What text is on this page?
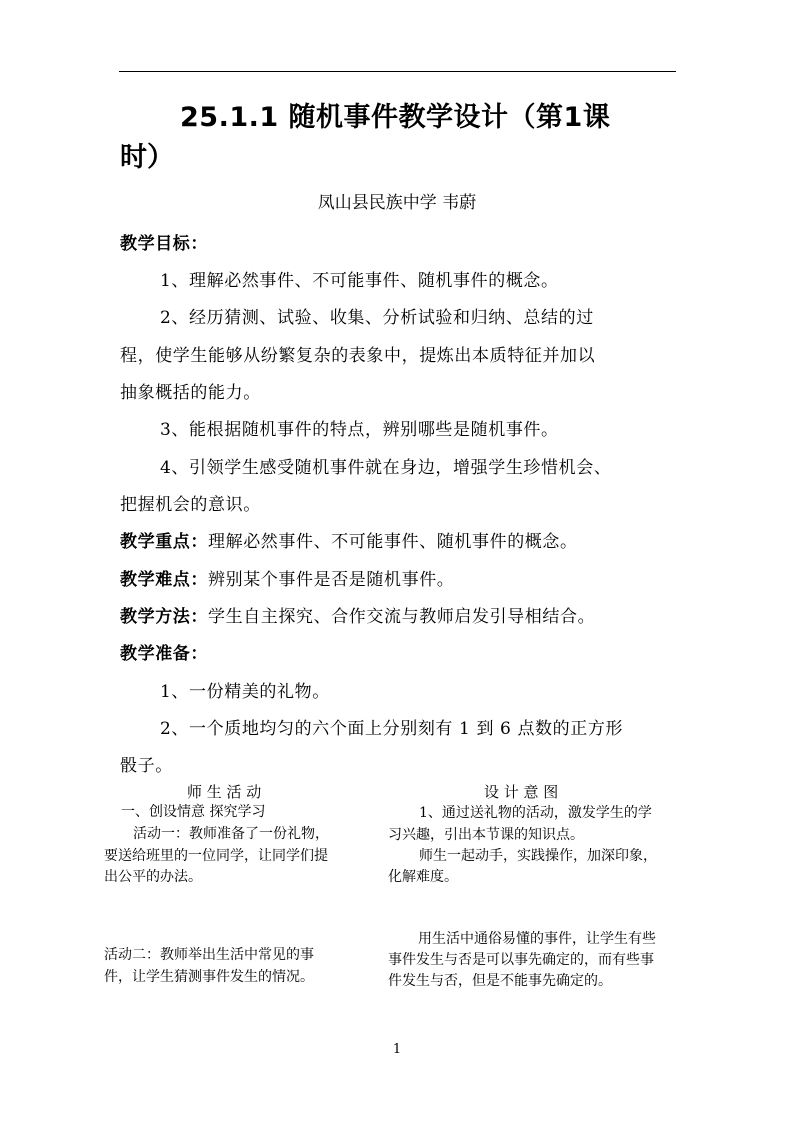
25.1.1 随机事件教学设计（第1课
时）
凤山县民族中学 韦蔚
教学目标：
1、理解必然事件、不可能事件、随机事件的概念。
2、经历猜测、试验、收集、分析试验和归纳、总结的过
程，使学生能够从纷繁复杂的表象中，提炼出本质特征并加以
抽象概括的能力。
3、能根据随机事件的特点，辨别哪些是随机事件。
4、引领学生感受随机事件就在身边，增强学生珍惜机会、
把握机会的意识。
教学重点：理解必然事件、不可能事件、随机事件的概念。
教学难点：辨别某个事件是否是随机事件。
教学方法：学生自主探究、合作交流与教师启发引导相结合。
教学准备：
1、一份精美的礼物。
2、一个质地均匀的六个面上分别刻有 1 到 6 点数的正方形
骰子。
师 生 活 动	设 计 意 图
一、创设情意 探究学习
活动一：教师准备了一份礼物，
要送给班里的一位同学，让同学们提
出公平的办法。
活动二：教师举出生活中常见的事
件，让学生猜测事件发生的情况。
1、通过送礼物的活动，激发学生的学
习兴趣，引出本节课的知识点。
师生一起动手，实践操作，加深印象，
化解难度。
用生活中通俗易懂的事件，让学生有些
事件发生与否是可以事先确定的，而有些事
件发生与否，但是不能事先确定的。
1
